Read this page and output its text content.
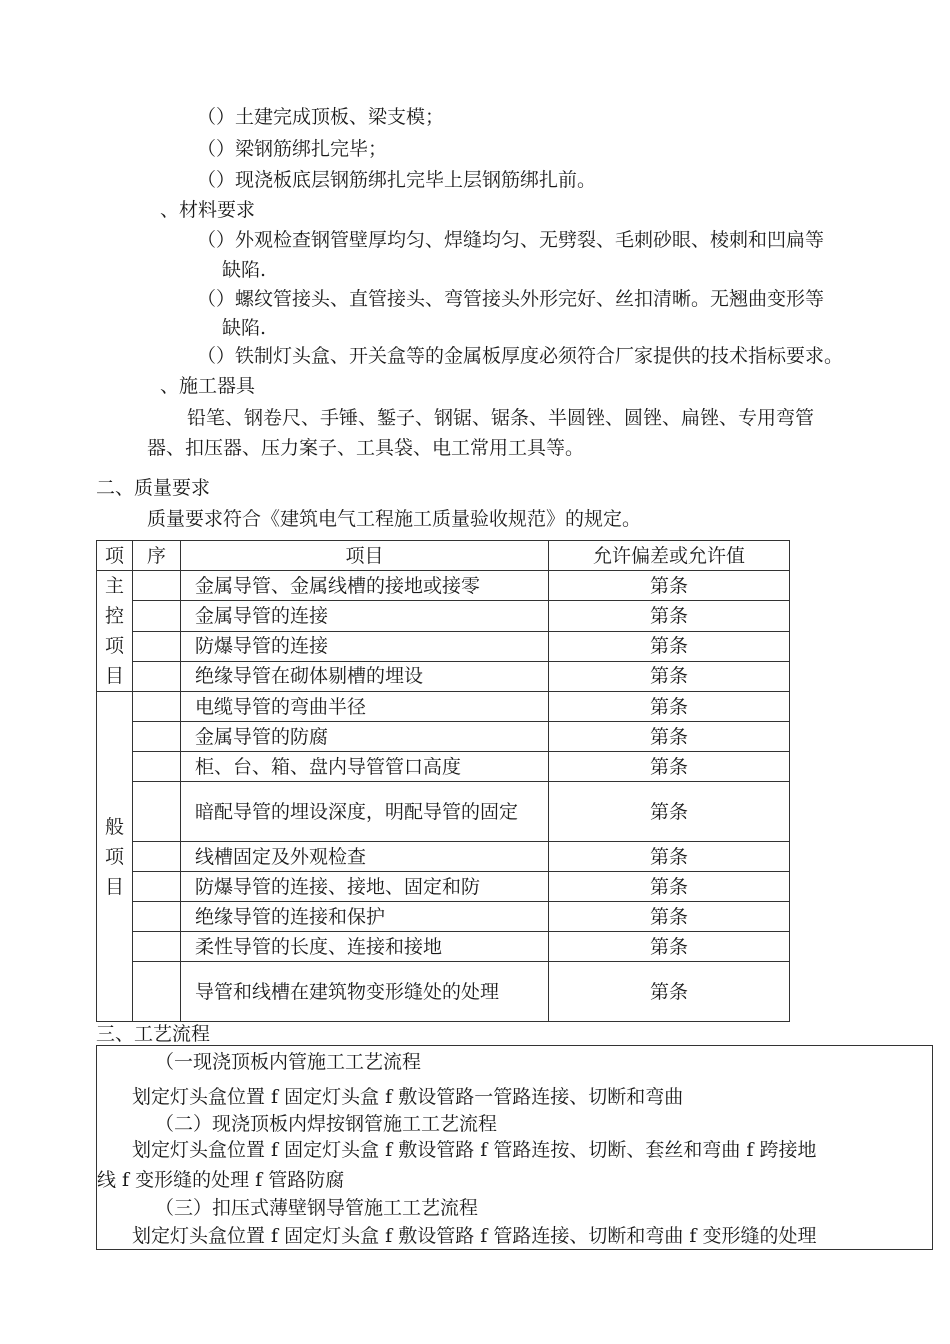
（）土建完成顶板、梁支模；
（）梁钢筋绑扎完毕；
（）现浇板底层钢筋绑扎完毕上层钢筋绑扎前。
、材料要求
（）外观检查钢管壁厚均匀、焊缝均匀、无劈裂、毛刺砂眼、棱刺和凹扁等
缺陷.
（）螺纹管接头、直管接头、弯管接头外形完好、丝扣清晰。无翘曲变形等
缺陷.
（）铁制灯头盒、开关盒等的金属板厚度必须符合厂家提供的技术指标要求。
、施工器具
铅笔、钢卷尺、手锤、錾子、钢锯、锯条、半圆锉、圆锉、扁锉、专用弯管
器、扣压器、压力案子、工具袋、电工常用工具等。
二、质量要求
质量要求符合《建筑电气工程施工质量验收规范》的规定。
项	序	项目	允许偏差或允许值

主
控
项
目		金属导管、金属线槽的接地或接零	第条
		金属导管的连接	第条
		防爆导管的连接	第条
		绝缘导管在砌体剔槽的埋设	第条

般
项
目		电缆导管的弯曲半径	第条
		金属导管的防腐	第条
		柜、台、箱、盘内导管管口高度	第条
		暗配导管的埋设深度，明配导管的固定	第条
		线槽固定及外观检查	第条
		防爆导管的连接、接地、固定和防	第条
		绝缘导管的连接和保护	第条
		柔性导管的长度、连接和接地	第条
		导管和线槽在建筑物变形缝处的处理	第条
三、工艺流程
（一现浇顶板内管施工工艺流程
划定灯头盒位置 f 固定灯头盒 f 敷设管路一管路连接、切断和弯曲
（二）现浇顶板内焊按钢管施工工艺流程
划定灯头盒位置 f 固定灯头盒 f 敷设管路 f 管路连按、切断、套丝和弯曲 f 跨接地
线 f 变形缝的处理 f 管路防腐
（三）扣压式薄壁钢导管施工工艺流程
划定灯头盒位置 f 固定灯头盒 f 敷设管路 f 管路连接、切断和弯曲 f 变形缝的处理
